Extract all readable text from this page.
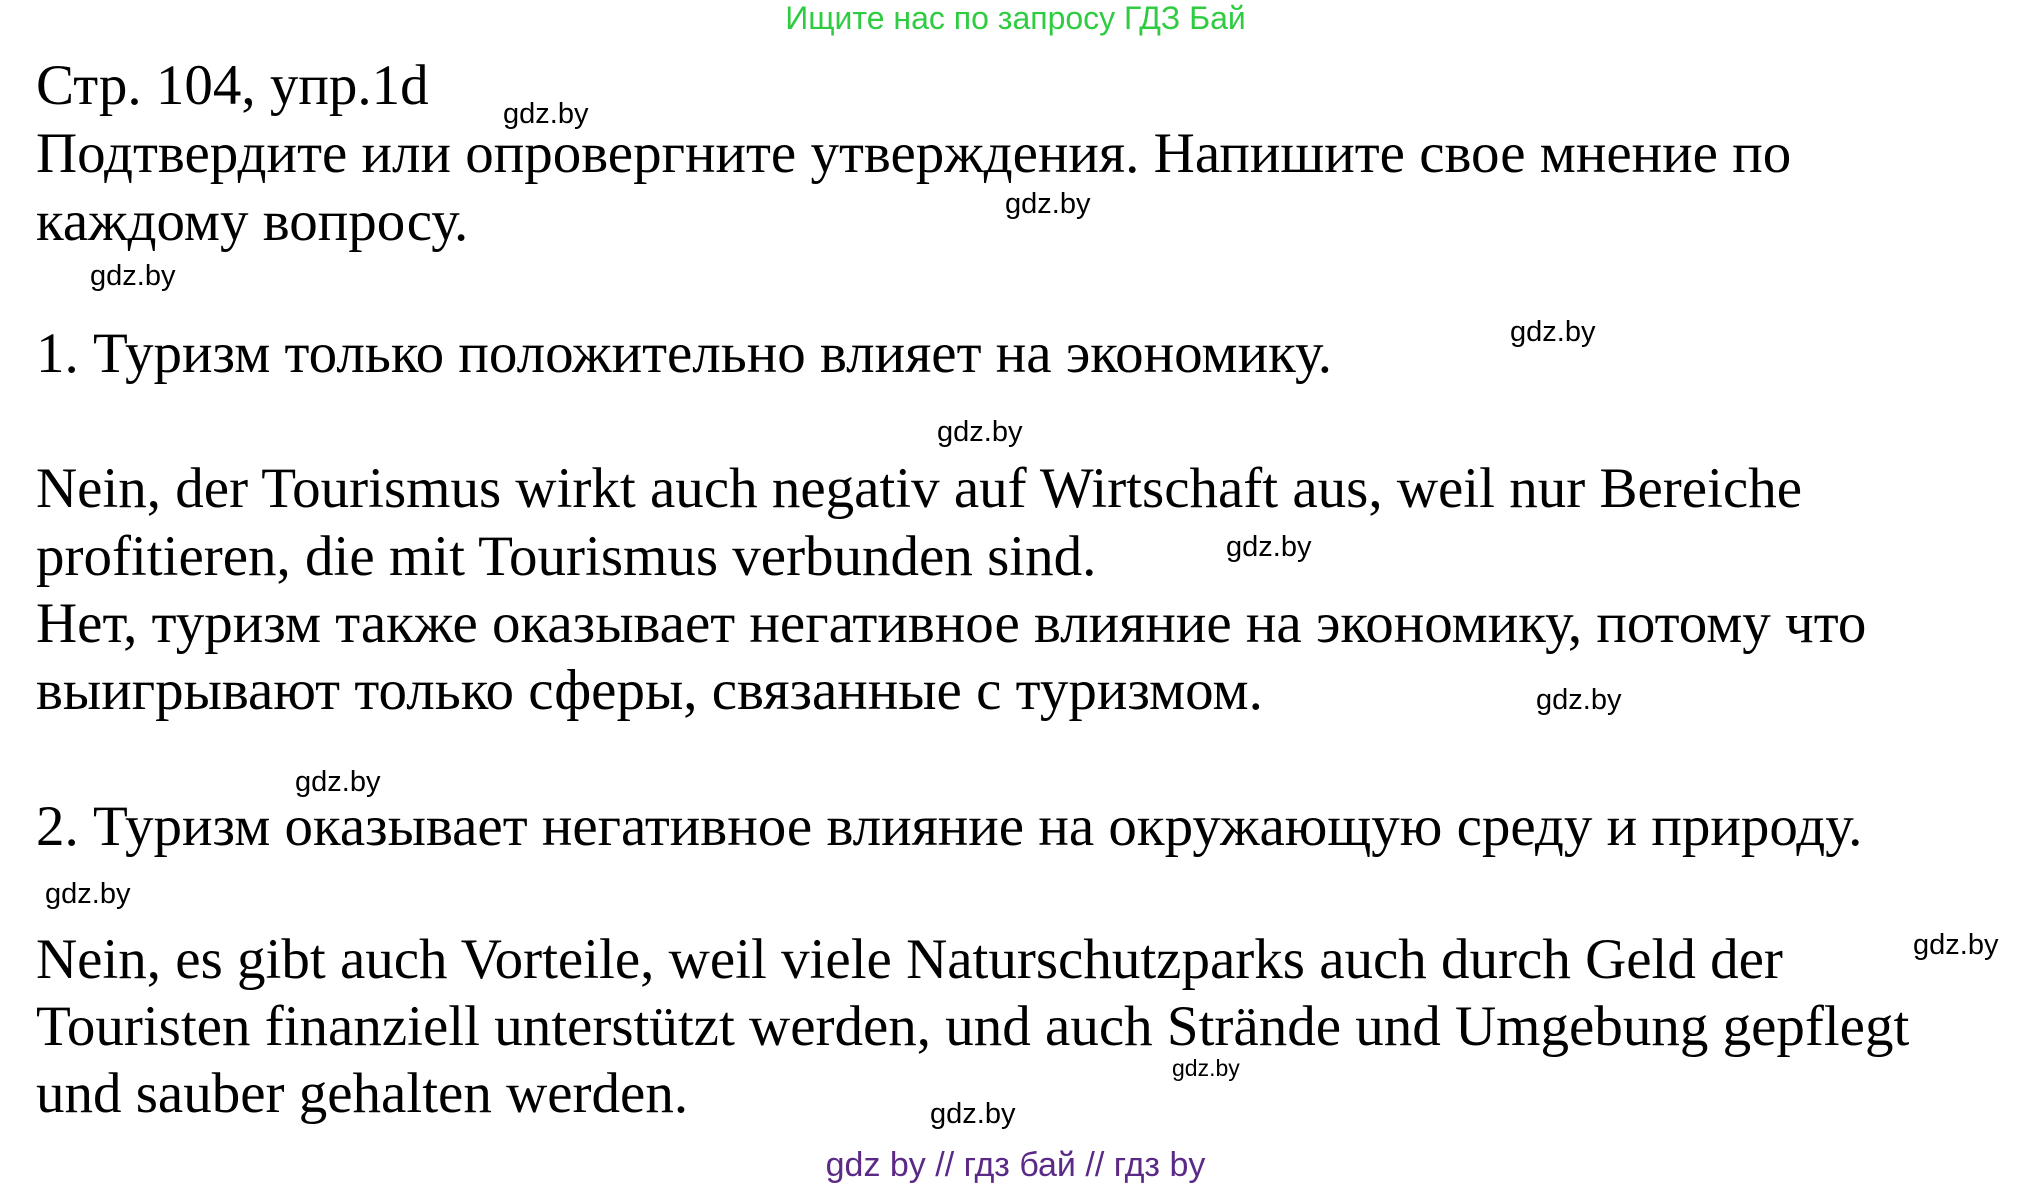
Ищите нас по запросу ГДЗ Бай
Стр. 104, упр.1d
Подтвердите или опровергните утверждения. Напишите свое мнение по
каждому вопросу.
1. Туризм только положительно влияет на экономику.
Nein, der Tourismus wirkt auch negativ auf Wirtschaft aus, weil nur Bereiche
profitieren, die mit Tourismus verbunden sind.
Нет, туризм также оказывает негативное влияние на экономику, потому что
выигрывают только сферы, связанные с туризмом.
2. Туризм оказывает негативное влияние на окружающую среду и природу.
Nein, es gibt auch Vorteile, weil viele Naturschutzparks auch durch Geld der
Touristen finanziell unterstützt werden, und auch Strände und Umgebung gepflegt
und sauber gehalten werden.
gdz.by
gdz.by
gdz.by
gdz.by
gdz.by
gdz.by
gdz.by
gdz.by
gdz.by
gdz.by
gdz.by
gdz.by
gdz by // гдз бай // гдз by
